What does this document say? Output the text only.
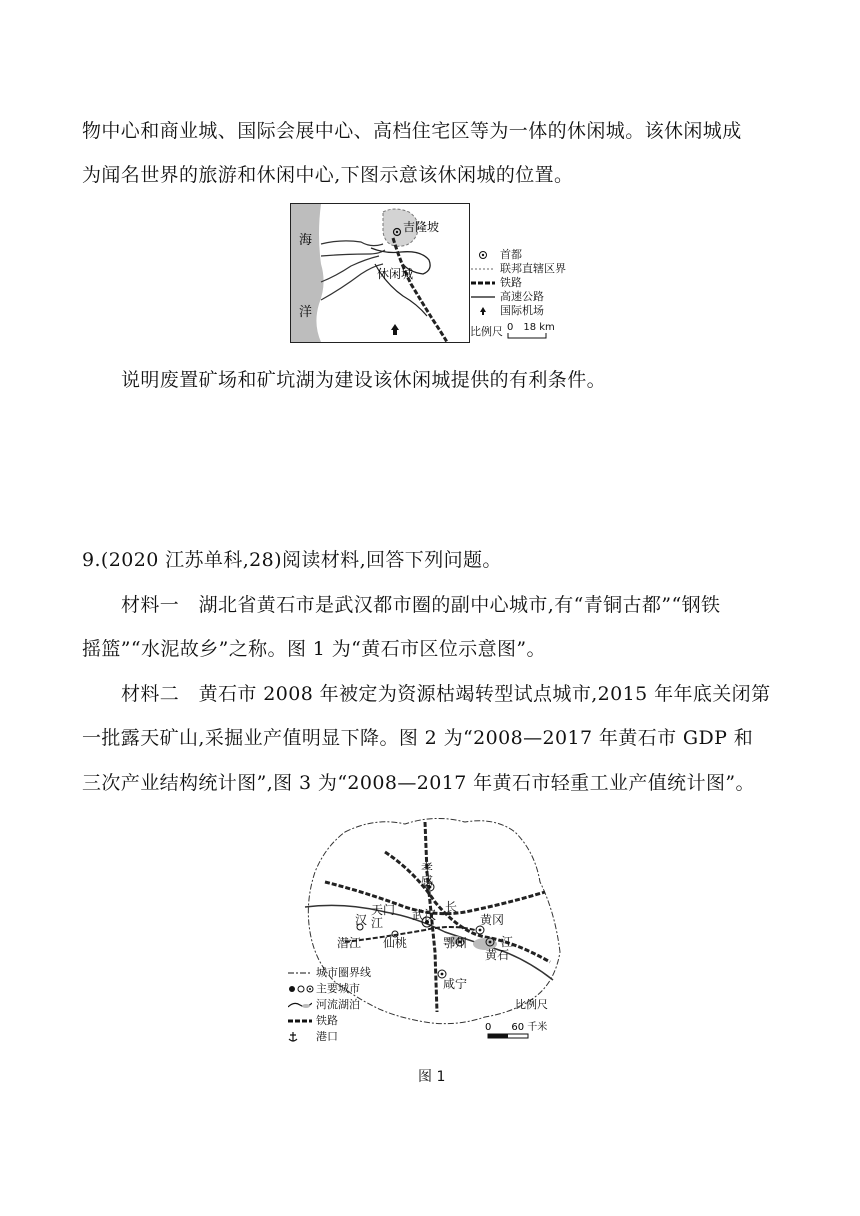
物中心和商业城、国际会展中心、高档住宅区等为一体的休闲城。该休闲城成
为闻名世界的旅游和休闲中心,下图示意该休闲城的位置。
海
洋
吉隆坡
休闲城
首都
联邦直辖区界
铁路
高速公路
国际机场
比例尺 0　18 km
说明废置矿场和矿坑湖为建设该休闲城提供的有利条件。
9.(2020 江苏单科,28)阅读材料,回答下列问题。
材料一　湖北省黄石市是武汉都市圈的副中心城市,有“青铜古都”“钢铁
摇篮”“水泥故乡”之称。图 1 为“黄石市区位示意图”。
材料二　黄石市 2008 年被定为资源枯竭转型试点城市,2015 年年底关闭第
一批露天矿山,采掘业产值明显下降。图 2 为“2008—2017 年黄石市 GDP 和
三次产业结构统计图”,图 3 为“2008—2017 年黄石市轻重工业产值统计图”。
孝
感
天门
汉 江
武汉
长
黄冈
江
潜江 仙桃	鄂州
黄石
咸宁
比例尺
0　　60 千米
城市圈界线
主要城市
河流湖泊
铁路
港口
图 1
